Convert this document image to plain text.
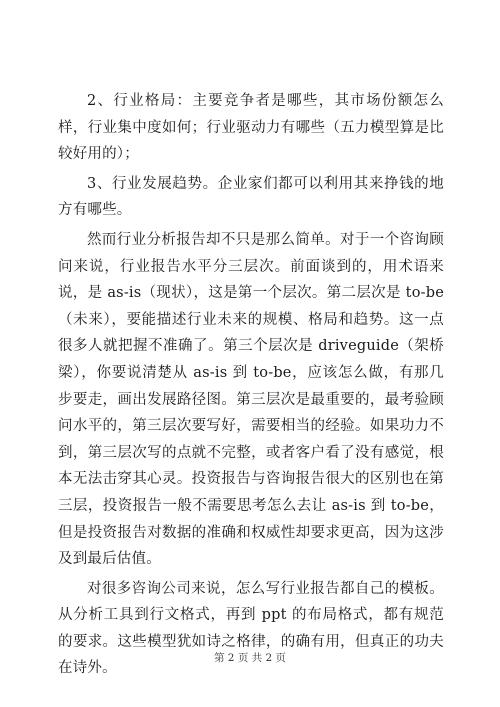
2、行业格局：主要竞争者是哪些，其市场份额怎么样，行业集中度如何；行业驱动力有哪些（五力模型算是比较好用的）；

3、行业发展趋势。企业家们都可以利用其来挣钱的地方有哪些。

然而行业分析报告却不只是那么简单。对于一个咨询顾问来说，行业报告水平分三层次。前面谈到的，用术语来说，是 as-is（现状），这是第一个层次。第二层次是 to-be（未来），要能描述行业未来的规模、格局和趋势。这一点很多人就把握不准确了。第三个层次是 driveguide（架桥梁），你要说清楚从 as-is 到 to-be，应该怎么做，有那几步要走，画出发展路径图。第三层次是最重要的，最考验顾问水平的，第三层次要写好，需要相当的经验。如果功力不到，第三层次写的点就不完整，或者客户看了没有感觉，根本无法击穿其心灵。投资报告与咨询报告很大的区别也在第三层，投资报告一般不需要思考怎么去让 as-is 到 to-be，但是投资报告对数据的准确和权威性却要求更高，因为这涉及到最后估值。

对很多咨询公司来说，怎么写行业报告都自己的模板。从分析工具到行文格式，再到 ppt 的布局格式，都有规范的要求。这些模型犹如诗之格律，的确有用，但真正的功夫在诗外。

第 2 页 共 2 页
